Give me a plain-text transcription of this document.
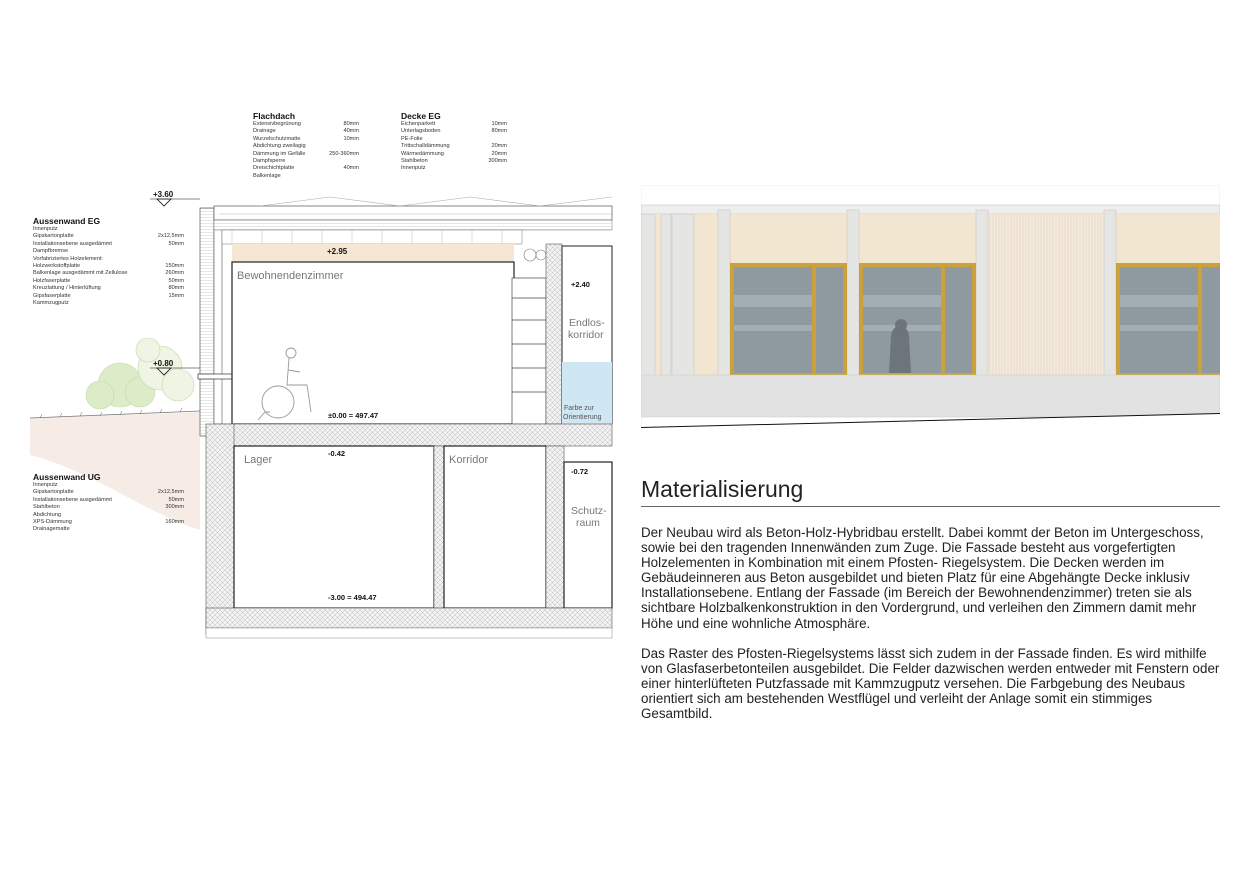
+3.60
+0.80
+2.95
Bewohnendenzimmer
±0.00 = 497.47
+2.40
Endlos-
korridor
Farbe zur
Orientierung
Lager
-0.42
-3.00 = 494.47
Korridor
-0.72
Schutz-
raum
Flachdach
Extensivbegrünung	80mm
Drainage	40mm
Wurzelschutzmatte	10mm
Abdichtung zweilagig
Dämmung im Gefälle	250-360mm
Dampfsperre
Dreischichtplatte	40mm
Balkenlage
Decke EG
Eichenparkett	10mm
Unterlagsboden	80mm
PE-Folie
Trittschalldämmung	20mm
Wärmedämmung	20mm
Stahlbeton	300mm
Innenputz
Aussenwand EG
Innenputz
Gipskartonplatte	2x12,5mm
Installationsebene ausgedämmt	50mm
Dampfbremse
Vorfabriziertes Holzelement:
Holzwerkstoffplatte	150mm
Balkenlage ausgedämmt mit Zellulose	260mm
Holzfaserplatte	50mm
Kreuzlattung / Hinterlüftung	80mm
Gipsfaserplatte	15mm
Kammzugputz
Aussenwand UG
Innenputz
Gipskartonplatte	2x12,5mm
Installationsebene ausgedämmt	50mm
Stahlbeton	300mm
Abdichtung
XPS-Dämmung	160mm
Drainagematte
Materialisierung
Der Neubau wird als Beton-Holz-Hybridbau erstellt. Dabei kommt der Beton im Untergeschoss, sowie bei den tragenden Innenwänden zum Zuge. Die Fassade besteht aus vorgefertigten Holzelementen in Kombination mit einem Pfosten- Riegelsystem. Die Decken werden im Gebäudeinneren aus Beton ausgebildet und bieten Platz für eine Abgehängte Decke inklusiv Installationsebene. Entlang der Fassade (im Bereich der Bewohnendenzimmer) treten sie als sichtbare Holzbalkenkonstruktion in den Vordergrund, und verleihen den Zimmern damit mehr Höhe und eine wohnliche Atmosphäre.
Das Raster des Pfosten-Riegelsystems lässt sich zudem in der Fassade finden. Es wird mithilfe von Glasfaserbetonteilen ausgebildet. Die Felder dazwischen werden entweder mit Fenstern oder einer hinterlüfteten Putzfassade mit Kammzugputz versehen. Die Farbgebung des Neubaus orientiert sich am bestehenden Westflügel und verleiht der Anlage somit ein stimmiges Gesamtbild.
